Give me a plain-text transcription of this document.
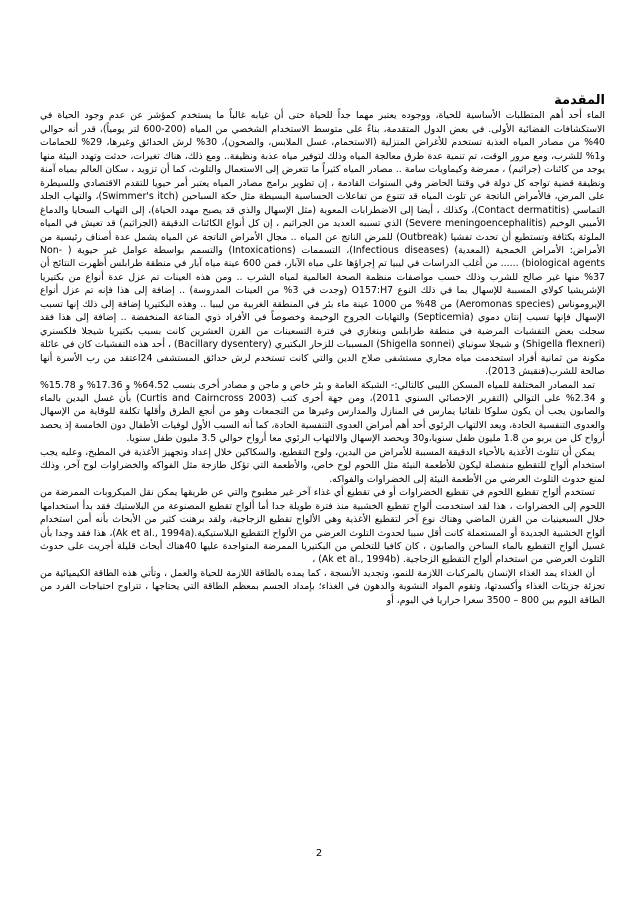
المقدمة

الماء أحد أهم المتطلبات الأساسية للحياة، ووجوده يعتبر مهما جداً للحياة حتى أن غيابه غالباً ما يستخدم كمؤشر عن عدم وجود الحياة في الاستكشافات الفضائية الأولى. في بعض الدول المتقدمة، بناءً على متوسط الاستخدام الشخصي من المياه (200-600 لتر يومياً)، قدر أنه حوالي 40% من مصادر المياه العذبة تستخدم للأغراض المنزلية (الاستحمام، غسل الملابس، والصحون)، 30% لرش الحدائق وغيرها، 29% للحمامات و1% للشرب، ومع مرور الوقت، تم تنمية عدة طرق معالجة المياه وذلك لتوفير مياه عذبة ونظيفة.. ومع ذلك، هناك تغيرات، حدثت وتهدد البيئة منها يوجد من كائنات (جراثيم) ، ممرضة وكيماويات سامة .. مصادر المياه كثيراً ما تتعرض إلى الاستعمال والتلوث، كما أن تزويد ، سكان العالم بمياه آمنة ونظيفة قضية تواجه كل دولة في وقتنا الحاضر وفي السنوات القادمة ، إن تطوير برامج مصادر المياه يعتبر أمر حيويا للتقدم الاقتصادي وللسيطرة على المرض، فالأمراض الناتجة عن تلوث المياه قد تتنوع من تفاعلات الحساسية البسيطة مثل حكة السباحين (Swimmer's itch)، والتهاب الجلد التماسي (Contact dermatitis)، وكذلك ، أيضا إلى الاضطرابات المعوية (مثل الإسهال والذي قد يصبح مهدد الحياة)، إلى التهاب السحايا والدماغ الأميبي الوخيم (Severe meningoencephalitis) الذي تسببه العديد من الجراثيم ، إن كل أنواع الكائنات الدقيقة (الجراثيم) قد تعيش في المياه الملوثة بكثافة وتستطيع أن تحدث تفشيا (Outbreak) للمرض الناتج عن المياه .. مجال الأمراض الناتجة عن المياه يشمل عدة أصناف رئيسية من الأمراض: الأمراض الخمجية (المعدية) (Infectious diseases)، التسممات (Intoxications) والتسمم بواسطة عوامل غير حيوية ( Non-biological agents) ...... من أغلب الدراسات في ليبيا تم إجراؤها على مياه الآبار، فمن 600 عينة مياه آبار في منطقة طرابلس أظهرت النتائج أن 37% منها غير صالح للشرب وذلك حسب مواصفات منظمة الصحة العالمية لمياه الشرب .. ومن هذه العينات تم عزل عدة أنواع من بكتيريا الإشريشيا كولاي المسببة للإسهال بما في ذلك النوع O157:H7 (وجدت في 3% من العينات المدروسة) .. إضافة إلى هذا فإنه تم عزل أنواع الإيروموناس (Aeromonas species) من 48% من 1000 عينة ماء بئر في المنطقة الغربية من ليبيا .. وهذه البكتيريا إضافة إلى ذلك إنها تسبب الإسهال فإنها تسبب إنتان دموي (Septicemia) والتهابات الجروح الوخيمة وخصوصاً في الأفراد ذوي المناعة المنخفضة .. إضافة إلى هذا فقد سجلت بعض التفشيات المرضية في منطقة طرابلس وبنغازي في فترة التسعينات من القرن العشرين كانت بسبب بكتيريا شيجلا فلكسنري (Shigella flexneri) و شيجلا سونياي (Shigella sonnei) المسببات للزحار البكتيري (Bacillary dysentery) ، أحد هذه التفشيات كان في عائلة مكونة من ثمانية أفراد استخدمت مياه مجاري مستشفى صلاح الدين والتي كانت تستخدم لرش حدائق المستشفى 24اعتقد من رب الأسرة أنها صالحة للشرب(قنقيش 2013).

تمد المصادر المختلفة للمياه المسكن الليبي كالتالي:- الشبكة العامة و بئر خاص و ماجن و مصادر أخرى بنسب 64.52% و 17.36% و 15.78% و 2.34% على التوالي (التقرير الإحصائي السنوي 2011)، ومن جهة أخرى كتب (Curtis and Cairncross 2003) بأن غسل اليدين بالماء والصابون يجب أن يكون سلوكا تلقائيا يمارس في المنازل والمدارس وغيرها من التجمعات وهو من أنجع الطرق وأقلها تكلفة للوقاية من الإسهال والعدوى التنفسية الحادة، ويعد الالتهاب الرئوي أحد أهم أمراض العدوى التنفسية الحادة، كما أنه السبب الأول لوفيات الأطفال دون الخامسة إذ يحصد أرواح كل من يربو من 1.8 مليون طفل سنويا،و30 ويحصد الإسهال والالتهاب الرئوي معا أرواح حوالي 3.5 مليون طفل سنويا.

يمكن أن تتلوث الأغذية بالأحياء الدقيقة المسببة للأمراض من اليدين، ولوح التقطيع، والسكاكين خلال إعداد وتجهيز الأغذية في المطبخ، وعليه يجب استخدام ألواح للتقطيع منفصلة ليكون للأطعمة النيئة مثل اللحوم لوح خاص، والأطعمة التي تؤكل طازجة مثل الفواكه والخضراوات لوح آخر، وذلك لمنع حدوث التلوث العرضي من الأطعمة النيئة إلى الخضراوات والفواكه.

تستخدم ألواح تقطيع اللحوم في تقطيع الخضراوات أو في تقطيع أي غذاء آخر غير مطبوخ والتي عن طريقها يمكن نقل الميكروبات الممرضة من اللحوم إلى الخضراوات ، هذا لقد استخدمت ألواح تقطيع الخشبية منذ فترة طويلة جدا أما ألواح تقطيع المصنوعة من البلاستيك فقد بدأ استخدامها خلال السبعينيات من القرن الماضي وهناك نوع آخر لتقطيع الأغذية وهي الألواح تقطيع الزجاجية، ولقد برهنت كثير من الأبحاث بأنه أمن استخدام ألواح الخشبية الجديدة أو المستعملة كانت أقل سببا لحدوث التلوث العرضي من الألواح التقطيع البلاستيكية.(Ak et al., 1994a)، هذا فقد وجدا بأن غسيل ألواح التقطيع بالماء الساخن والصابون ، كان كافيا للتخلص من البكتيريا الممرضة المتواجدة عليها 40هناك أبحاث قليلة أجريت على حدوث التلوث العرضي من استخدام ألواح التقطيع الزجاجية. (Ak et al., 1994b) ،

أن الغذاء يمد الغذاء الإنسان بالمركبات اللازمة للنمو، وتجديد الأنسجة ، كما يمده بالطاقة اللازمة للحياة والعمل ، وتأتي هذه الطاقة الكيميائية من تجزئة جزيئات الغذاء وأكسدتها، وتقوم المواد النشوية والدهون في الغذاء؛ بإمداد الجسم بمعظم الطاقة التي يحتاجها ، تتراوح احتياجات الفرد من الطاقة اليوم بين 800 – 3500 سعرا حراريا في اليوم، أو

2
